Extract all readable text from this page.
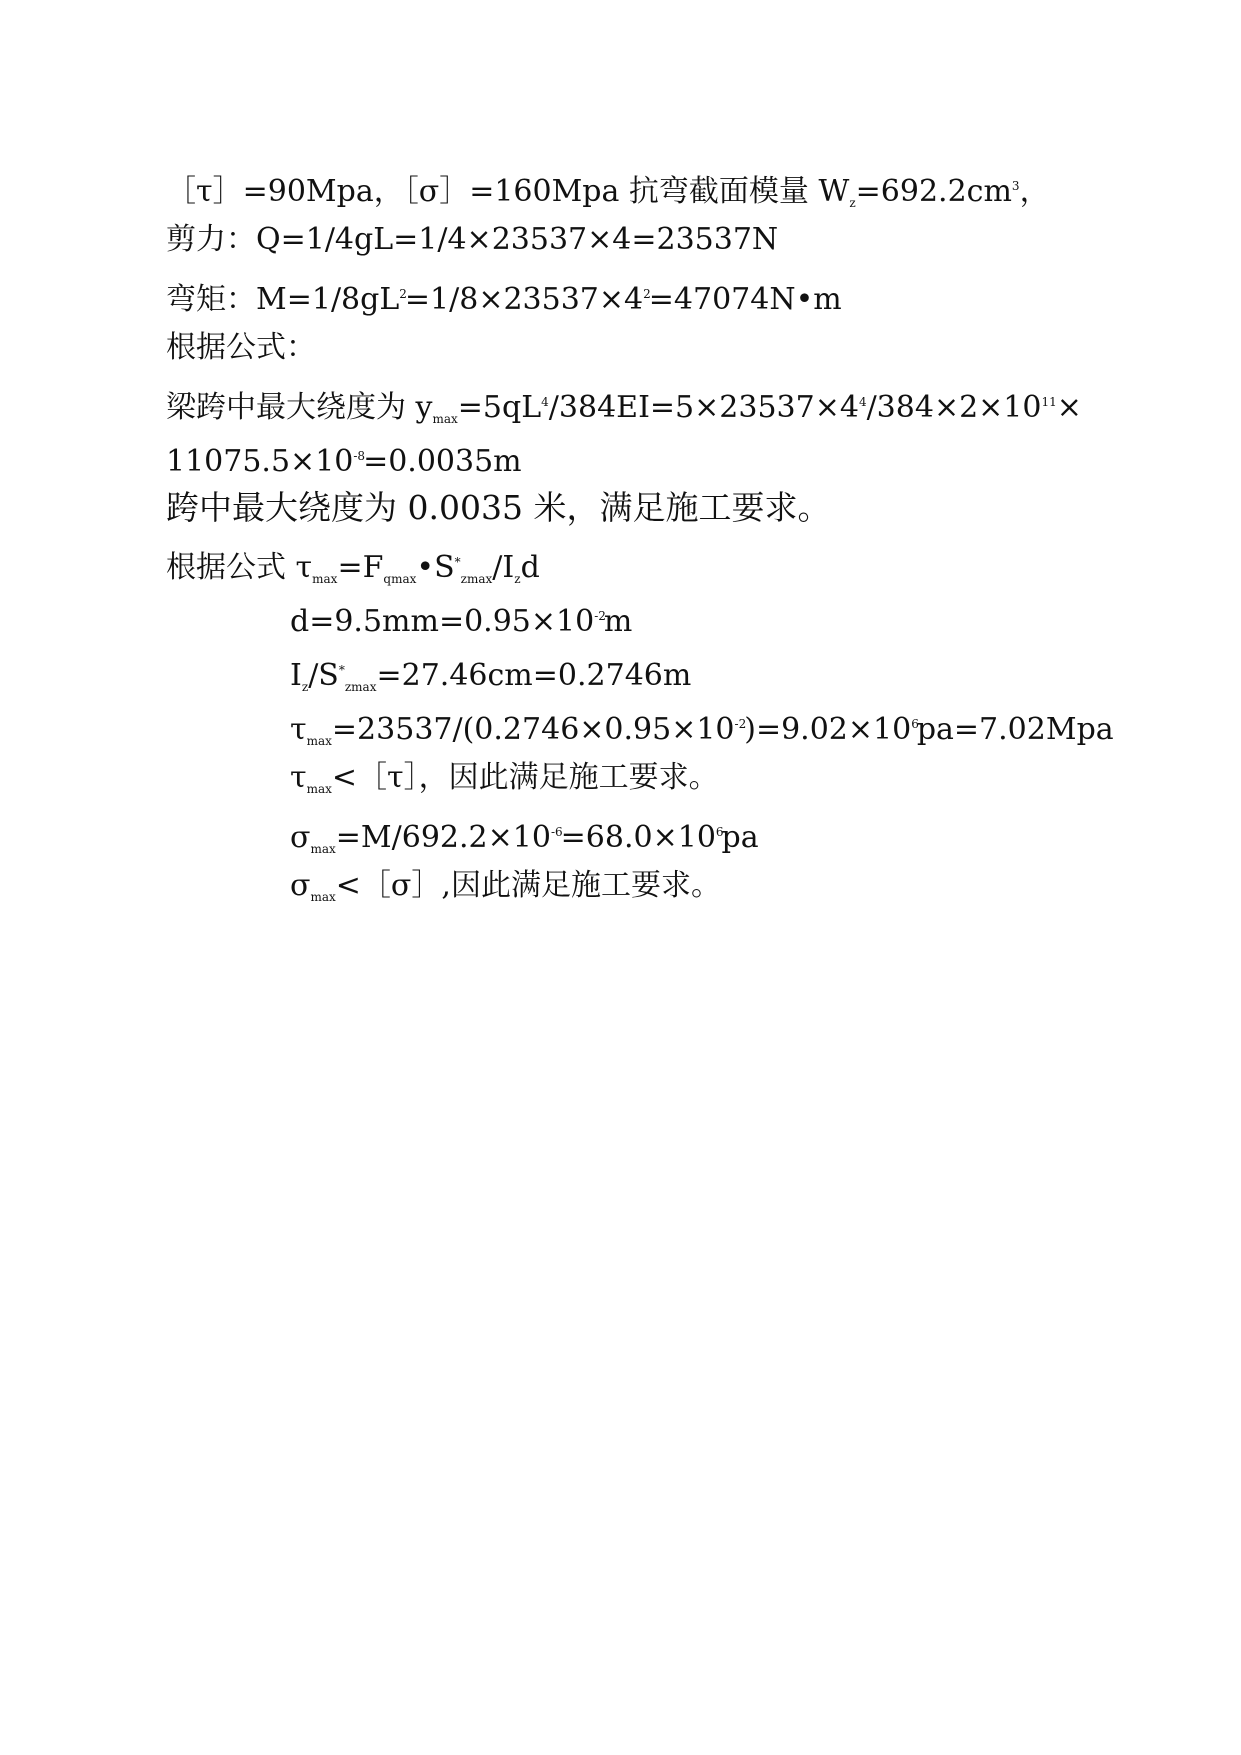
［τ］=90Mpa，［σ］=160Mpa 抗弯截面模量 $W_z=692.2cm^3$，
剪力：Q=1/4gL=1/4×23537×4=23537N
弯矩：$M=1/8gL^2=1/8\times 23537\times 4^2=47074N•m$
根据公式：
梁跨中最大绕度为 $y_{max}=5qL^4/384EI=5\times 23537\times 4^4/384\times 2\times 10^{11}\times$
$11075.5\times 10^{-8}=0.0035m$
跨中最大绕度为 0.0035 米，满足施工要求。
根据公式 $\tau_{max}=F_{qmax}•S^*_{zmax}/I_zd$
$d=9.5mm=0.95\times 10^{-2}m$
$I_z/S^*_{zmax}=27.46cm=0.2746m$
$\tau_{max}=23537/(0.2746\times 0.95\times 10^{-2})=9.02\times 10^6pa=7.02Mpa$
$\tau_{max}<[\tau]$，因此满足施工要求。
$\sigma_{max}=M/692.2\times 10^{-6}=68.0\times 10^6pa$
$\sigma_{max}<[\sigma]$,因此满足施工要求。
